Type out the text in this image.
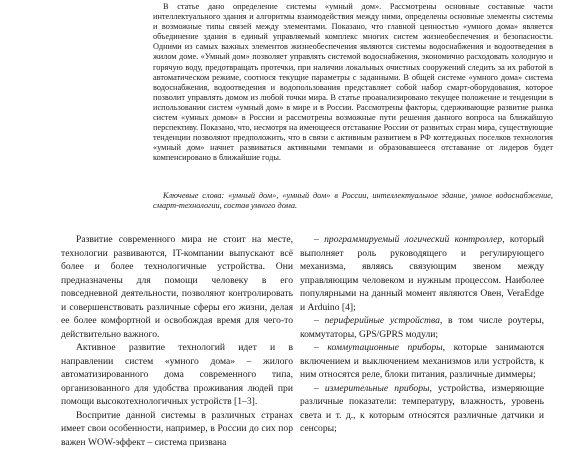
В статье дано определение системы «умный дом». Рассмотрены основные составные части интеллектуального здания и алгоритмы взаимодействия между ними, определены основные элементы системы и возможные типы связей между элементами. Показано, что главной ценностью «умного дома» является объединение здания в единый управляемый комплекс многих систем жизнеобеспечения и безопасности. Одними из самых важных элементов жизнеобеспечения являются системы водоснабжения и водоотведения в жилом доме. «Умный дом» позволяет управлять системой водоснабжения, экономично расходовать холодную и горячую воду, предотвращать протечки, при наличии локальных очистных сооружений следить за их работой в автоматическом режиме, соотнося текущие параметры с заданными. В общей системе «умного дома» система водоснабжения, водоотведения и водопользования представляет собой набор смарт-оборудования, которое позволит управлять домом из любой точки мира. В статье проанализировано текущее положение и тенденции в использовании систем «умный дом» в мире и в России. Рассмотрены факторы, сдерживающие развитие рынка систем «умных домов» в России и рассмотрены возможные пути решения данного вопроса на ближайшую перспективу. Показано, что, несмотря на имеющееся отставание России от развитых стран мира, существующие тенденции позволяют предположить, что в связи с активным развитием в РФ коттеджных поселков технология «умный дом» начнет развиваться активными темпами и образовавшееся отставание от лидеров будет компенсировано в ближайшие годы.

Ключевые слова: «умный дом», «умный дом» в России, интеллектуальное здание, умное водоснабжение, смарт-технологии, состав умного дома.

Развитие современного мира не стоит на месте, технологии развиваются, IT-компании выпускают всё более и более технологичные устройства. Они предназначены для помощи человеку в его повседневной деятельности, позволяют контролировать и совершенствовать различные сферы его жизни, делая ее более комфортной и освобождая время для чего-то действительно важного.

Активное развитие технологий идет и в направлении систем «умного дома» – жилого автоматизированного дома современного типа, организованного для удобства проживания людей при помощи высокотехнологичных устройств [1–3].

Воспритие данной системы в различных странах имеет свои особенности, например, в России до сих пор важен WOW-эффект – система призвана

– программируемый логический контроллер, который выполняет роль руководящего и регулирующего механизма, являясь связующим звеном между управляющим человеком и нужным процессом. Наиболее популярными на данный момент являются Овен, VeraEdge и Arduino [4];

– периферийные устройства, в том числе роутеры, коммутаторы, GPS/GPRS модули;

– коммутационные приборы, которые занимаются включением и выключением механизмов или устройств, к ним относятся реле, блоки питания, различные диммеры;

– измерительные приборы, устройства, измеряющие различные показатели: температуру, влажность, уровень света и т. д., к которым относятся различные датчики и сенсоры;
